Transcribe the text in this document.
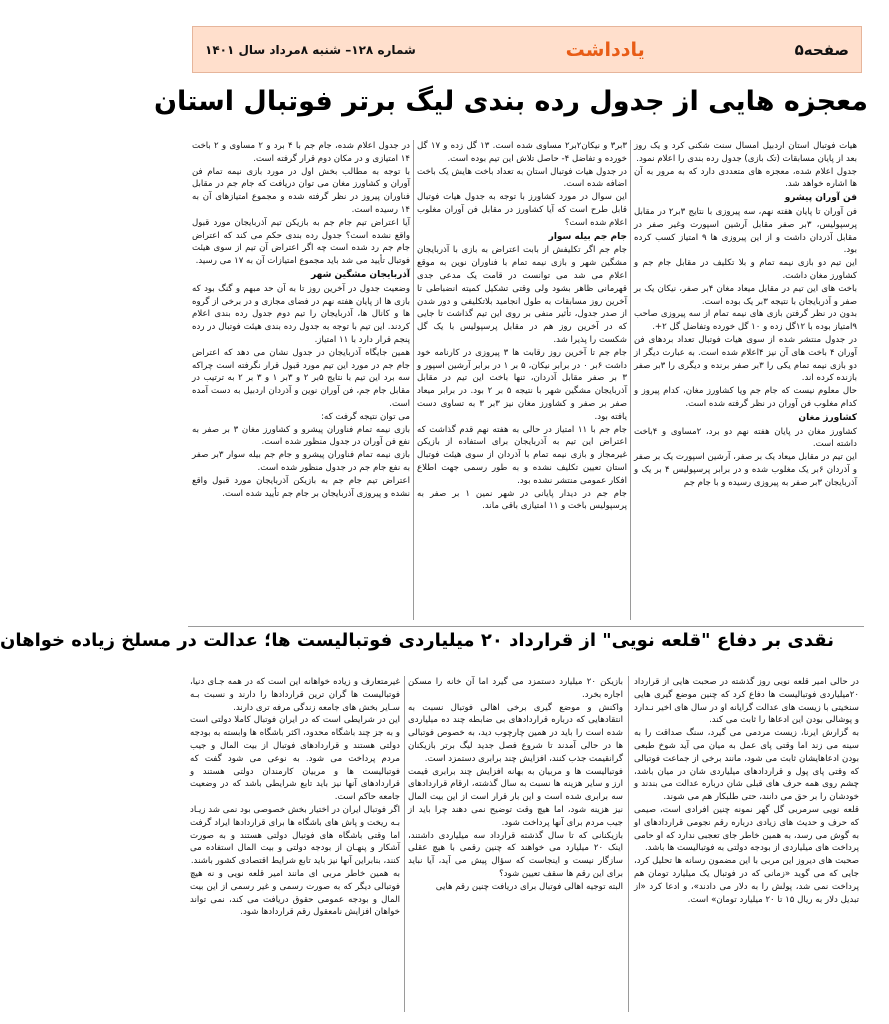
صفحه۵
یادداشت
شماره ۱۲۸– شنبه ۸مرداد سال ۱۴۰۱
معجزه هایی از جدول رده بندی لیگ برتر فوتبال استان

هیات فوتبال استان اردبیل امسال سنت شکنی کرد و یک روز بعد از پایان مسابقات (تک بازی) جدول رده بندی را اعلام نمود.

جدول اعلام شده، معجزه های متعددی دارد که به مرور به آن ها اشاره خواهد شد.

فن آوران پیشرو

فن آوران تا پایان هفته نهم، سه پیروزی با نتایج ۳بر۲ در مقابل پرسپولیس، ۳بر صفر مقابل آرشین اسپورت وغیر صفر در مقابل آذردان داشت و از این پیروزی ها ۹ امتیاز کسب کرده بود.

این تیم دو بازی نیمه تمام و بلا تکلیف در مقابل جام جم و کشاورز مغان داشت.

باخت های این تیم در مقابل میعاد مغان ۴بر صفر، نیکان یک بر صفر و آذربایجان با نتیجه ۳بر یک بوده است.

بدون در نظر گرفتن بازی های نیمه تمام از سه پیروزی صاحب ۹امتیاز بوده با ۱۲گل زده و ۱۰ گل خورده وتفاضل گل ۲+.

در جدول منتشر شده از سوی هیات فوتبال تعداد بردهای فن آوران ۴ باخت های آن نیز ۴اعلام شده است. به عبارت دیگر از دو بازی نیمه تمام یکی را ۳بر صفر برنده و دیگری را ۳بر صفر بازنده کرده اند.

حال معلوم نیست که جام جم ویا کشاورز مغان، کدام پیروز و کدام مغلوب فن آوران در نظر گرفته شده است.

کشاورز مغان

کشاورز مغان در پایان هفته نهم دو برد، ۲مساوی و ۴باخت داشته است.

این تیم در مقابل میعاد یک بر صفر، آرشین اسپورت یک بر صفر و آذردان ۶بر یک مغلوب شده و در برابر پرسپولیس ۴ بر یک و آذربایجان ۳بر صفر به پیروزی رسیده و با جام جم

۳بر۳ و نیکان۲بر۲ مساوی شده است. ۱۳ گل زده و ۱۷ گل خورده و تفاضل ۴- حاصل تلاش این تیم بوده است.

در جدول هیات فوتبال استان به تعداد باخت هایش یک باخت اضافه شده است.

این سوال در مورد کشاورز با توجه به جدول هیات فوتبال قابل طرح است که آیا کشاورز در مقابل فن آوران مغلوب اعلام شده است؟

جام جم بیله سوار

جام جم اگر تکلیفش از بابت اعتراض به بازی با آذربایجان مشگین شهر و بازی نیمه تمام با فناوران نوین به موقع اعلام می شد می توانست در قامت یک مدعی جدی قهرمانی ظاهر بشود ولی وقتی تشکیل کمیته انضباطی تا آخرین روز مسابقات به طول انجامید بلاتکلیفی و دور شدن از صدر جدول، تأثیر منفی بر روی این تیم گذاشت تا جایی که در آخرین روز هم در مقابل پرسپولیس با یک گل شکست را پذیرا شد.

جام جم تا آخرین روز رقابت ها ۳ پیروزی در کارنامه خود داشت ۶بر ۰ در برابر نیکان، ۵ بر ۱ در برابر آرشین اسپور و ۳ بر صفر مقابل آذردان، تنها باخت این تیم در مقابل آذربایجان مشگین شهر با نتیجه ۵ بر ۲ بود. در برابر میعاد صفر بر صفر و کشاورز مغان نیز ۳بر ۳ به تساوی دست یافته بود.

جام جم با ۱۱ امتیاز در حالی به هفته نهم قدم گذاشت که اعتراض این تیم به آذربایجان برای استفاده از بازیکن غیرمجاز و بازی نیمه تمام با آذردان از سوی هیئت فوتبال استان تعیین تکلیف نشده و به طور رسمی جهت اطلاع افکار عمومی منتشر نشده بود.

جام جم در دیدار پایانی در شهر نمین ۱ بر صفر به پرسپولیس باخت و ۱۱ امتیازی باقی ماند.

در جدول اعلام شده، جام جم با ۴ برد و ۲ مساوی و ۲ باخت ۱۴ امتیازی و در مکان دوم قرار گرفته است.

با توجه به مطالب بخش اول در مورد بازی نیمه تمام فن آوران و کشاورز مغان می توان دریافت که جام جم در مقابل فناوران پیروز در نظر گرفته شده و مجموع امتیازهای آن به ۱۴ رسیده است.

آیا اعتراض تیم جام جم به بازیکن تیم آذربایجان مورد قبول واقع نشده است؟ جدول رده بندی حکم می کند که اعتراض جام جم رد شده است چه اگر اعتراض آن تیم از سوی هیئت فوتبال تأیید می شد باید مجموع امتیازات آن به ۱۷ می رسید.

آذربایجان مشگین شهر

وضعیت جدول در آخرین روز تا به آن حد مبهم و گنگ بود که بازی ها از پایان هفته نهم در فضای مجازی و در برخی از گروه ها و کانال ها، آذربایجان را تیم دوم جدول رده بندی اعلام کردند. این تیم با توجه به جدول رده بندی هیئت فوتبال در رده پنجم قرار دارد با ۱۱ امتیاز.

همین جایگاه آذربایجان در جدول نشان می دهد که اعتراض جام جم در مورد این تیم مورد قبول قرار نگرفته است چراکه سه برد این تیم با نتایج ۵بر ۲ و ۳بر ۱ و ۳ بر ۲ به ترتیب در مقابل جام جم، فن آوران نوین و آذردان اردبیل به دست آمده است.

می توان نتیجه گرفت که:

بازی نیمه تمام فناوران پیشرو و کشاورز مغان ۳ بر صفر به نفع فن آوران در جدول منظور شده است.

بازی نیمه تمام فناوران پیشرو و جام جم بیله سوار ۳بر صفر به نفع جام جم در جدول منظور شده است.

اعتراض تیم جام جم به بازیکن آذربایجان مورد قبول واقع نشده و پیروزی آذربایجان بر جام جم تأیید شده است.

نقدی بر دفاع "قلعه نویی" از قرارداد ۲۰ میلیاردی فوتبالیست ها؛ عدالت در مسلخ زیاده خواهان

در حالی امیر قلعه نویی روز گذشته در صحبت هایی از قرارداد ۲۰میلیاردی فوتبالیست ها دفاع کرد که چنین موضع گیری هایی سنخیتی با زیست های عدالت گرایانه او در سال های اخیر نـدارد و پوشالی بودن این ادعاها را ثابت می کند.

به گزارش ایرنا، زیست مردمی می گیرد، سنگ صداقت را به سینه می زند اما وقتی پای عمل به میان می آید شوخ طبعی بودن ادعاهایشان ثابت می شود، مانند برخی از جماعت فوتبالی که وقتی پای پول و قراردادهای میلیاردی شان در میان باشد، چشم روی همه حرف های قبلی شان درباره عدالت می بندند و خودشان را بر حق می دانند، حتی طلبکار هم می شوند.

قلعه نویی سرمربی گل گهر نمونه چنین افرادی است، صیمی که حرف و حدیث های زیادی درباره رقم نجومی قراردادهای او به گوش می رسد، به همین خاطر جای تعجبی ندارد که او حامی پرداخت های میلیاردی از بودجه دولتی به فوتبالیست ها باشد.

صحبت های دیروز این مربی با این مضمون رسانه ها تحلیل کرد، جایی که می گوید «زمانی که در فوتبال یک میلیارد تومان هم پرداخت نمی شد، پولش را به دلار می دادند»، و ادعا کرد «از تبدیل دلار به ریال ۱۵ تا ۲۰ میلیارد تومان» است.

بازیکن ۲۰ میلیارد دستمزد می گیرد اما آن خانه را مسکن اجاره بخرد.

واکنش و موضع گیری برخی اهالی فوتبال نسبت به انتقادهایی که درباره قراردادهای بی ضابطه چند ده میلیاردی شده است را باید در همین چارچوب دید، به خصوص فوتبالی ها در حالی آمدند تا شروع فصل جدید لیگ برتر بازیکنان گرانقیمت جذب کنند، افزایش چند برابری دستمزد است.

فوتبالیست ها و مربیان به بهانه افزایش چند برابری قیمت ارز و سایر هزینه ها نسبت به سال گذشته، ارقام قراردادهای سه برابری شده است و این بار قرار است از این بیت المال نیز هزینه شود، اما هیچ وقت توضیح نمی دهند چرا باید از جیب مردم برای آنها پرداخت شود.

بازیکنانی که تا سال گذشته قرارداد سه میلیاردی داشتند، اینک ۲۰ میلیارد می خواهند که چنین رقمی با هیچ عقلی سازگار نیست و اینجاست که سؤال پیش می آید، آیا نباید برای این رقم ها سقف تعیین شود؟

البته توجیه اهالی فوتبال برای دریافت چنین رقم هایی

غیرمتعارف و زیاده خواهانه این است که در همه جـای دنیا، فوتبالیست ها گران ترین قراردادها را دارند و نسبت بـه سـایر بخش های جامعه زندگی مرفه تری دارند.

این در شرایطی است که در ایران فوتبال کاملا دولتی است و به جز چند باشگاه محدود، اکثر باشگاه ها وابسته به بودجه دولتی هستند و قراردادهای فوتبال از بیت المال و جیب مردم پرداخت می شود. به نوعی می شود گفت که فوتبالیست ها و مربیان کارمندان دولتی هستند و قراردادهای آنها نیز باید تابع شرایطی باشد که در وضعیت جامعه حاکم است.

اگر فوتبال ایران در اختیار بخش خصوصی بود نمی شد زیـاد بـه ریخت و پاش های باشگاه ها برای قراردادها ایراد گرفت اما وقتی باشگاه های فوتبال دولتی هستند و به صورت آشکار و پنهـان از بودجه دولتی و بیت المال استفاده می کنند، بنابراین آنها نیز باید تابع شرایط اقتصادی کشور باشند.

به همین خاطر مربی ای مانند امیر قلعه نویی و نه هیچ فوتبالی دیگر که به صورت رسمی و غیر رسمی از این بیت المال و بودجه عمومی حقوق دریافت می کند، نمی تواند خواهان افزایش نامعقول رقم قراردادها شود.
